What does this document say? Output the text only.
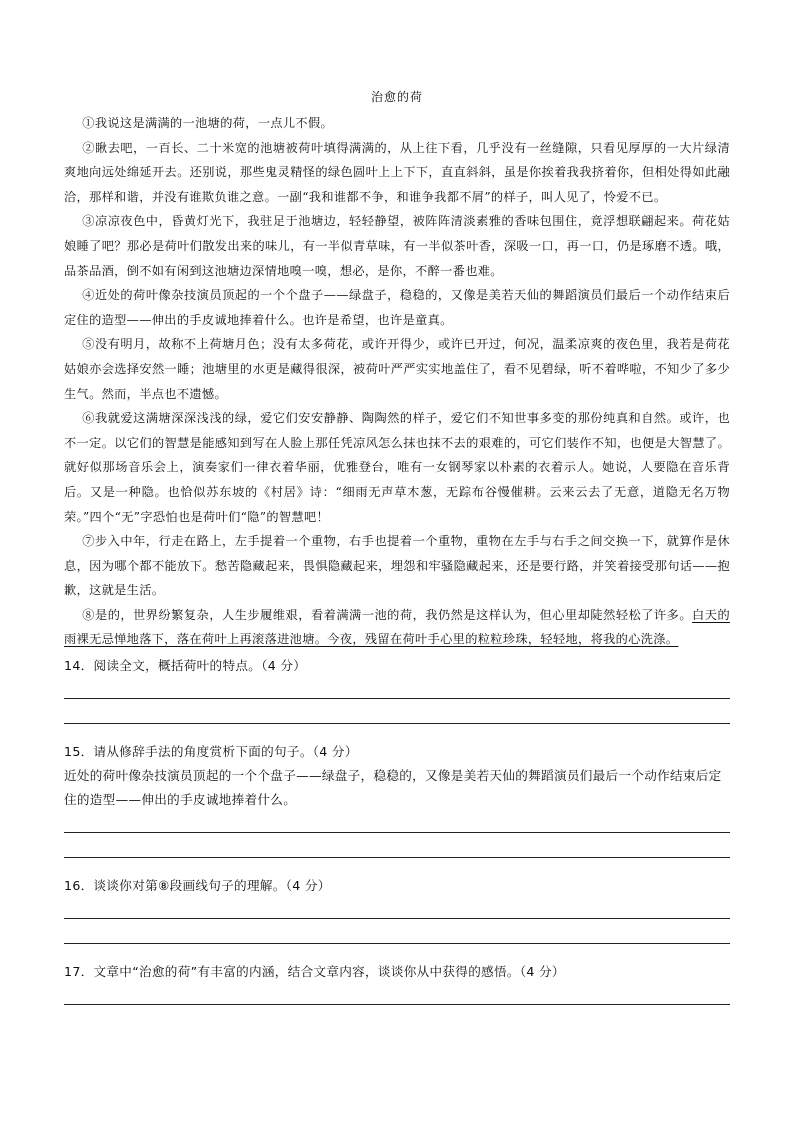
治愈的荷

①我说这是满满的一池塘的荷，一点儿不假。

②瞅去吧，一百长、二十米宽的池塘被荷叶填得满满的，从上往下看，几乎没有一丝缝隙，只看见厚厚的一大片绿清爽地向远处绵延开去。还别说，那些鬼灵精怪的绿色圆叶上上下下，直直斜斜，虽是你挨着我我挤着你，但相处得如此融洽，那样和谐，并没有谁欺负谁之意。一副“我和谁都不争，和谁争我都不屑”的样子，叫人见了，怜爱不已。

③凉凉夜色中，昏黄灯光下，我驻足于池塘边，轻轻静望，被阵阵清淡素雅的香味包围住，竟浮想联翩起来。荷花姑娘睡了吧？那必是荷叶们散发出来的味儿，有一半似青草味，有一半似茶叶香，深吸一口，再一口，仍是琢磨不透。哦，品茶品酒，倒不如有闲到这池塘边深情地嗅一嗅，想必，是你，不醉一番也难。

④近处的荷叶像杂技演员顶起的一个个盘子——绿盘子，稳稳的，又像是美若天仙的舞蹈演员们最后一个动作结束后定住的造型——伸出的手皮诚地捧着什么。也许是希望，也许是童真。

⑤没有明月，故称不上荷塘月色；没有太多荷花，或许开得少，或许已开过，何况，温柔凉爽的夜色里，我若是荷花姑娘亦会选择安然一睡；池塘里的水更是藏得很深，被荷叶严严实实地盖住了，看不见碧绿，听不着哗啦，不知少了多少生气。然而，半点也不遗憾。

⑥我就爱这满塘深深浅浅的绿，爱它们安安静静、陶陶然的样子，爱它们不知世事多变的那份纯真和自然。或许，也不一定。以它们的智慧是能感知到写在人脸上那任凭凉风怎么抹也抹不去的艰难的，可它们装作不知，也便是大智慧了。就好似那场音乐会上，演奏家们一律衣着华丽，优雅登台，唯有一女钢琴家以朴素的衣着示人。她说，人要隐在音乐背后。又是一种隐。也恰似苏东坡的《村居》诗：“细雨无声草木葱，无踪布谷慢催耕。云来云去了无意，道隐无名万物荣。”四个“无”字恐怕也是荷叶们“隐”的智慧吧！

⑦步入中年，行走在路上，左手提着一个重物，右手也提着一个重物，重物在左手与右手之间交换一下，就算作是休息，因为哪个都不能放下。愁苦隐藏起来，畏惧隐藏起来，埋怨和牢骚隐藏起来，还是要行路，并笑着接受那句话——抱歉，这就是生活。

⑧是的，世界纷繁复杂，人生步履维艰，看着满满一池的荷，我仍然是这样认为，但心里却陡然轻松了许多。白天的雨裸无忌惮地落下，落在荷叶上再滚落进池塘。今夜，残留在荷叶手心里的粒粒珍珠，轻轻地，将我的心洗涤。

14．阅读全文，概括荷叶的特点。（4 分）

15．请从修辞手法的角度赏析下面的句子。（4 分）

近处的荷叶像杂技演员顶起的一个个盘子——绿盘子，稳稳的，又像是美若天仙的舞蹈演员们最后一个动作结束后定住的造型——伸出的手皮诚地捧着什么。

16．谈谈你对第⑧段画线句子的理解。（4 分）

17．文章中“治愈的荷”有丰富的内涵，结合文章内容，谈谈你从中获得的感悟。（4 分）
